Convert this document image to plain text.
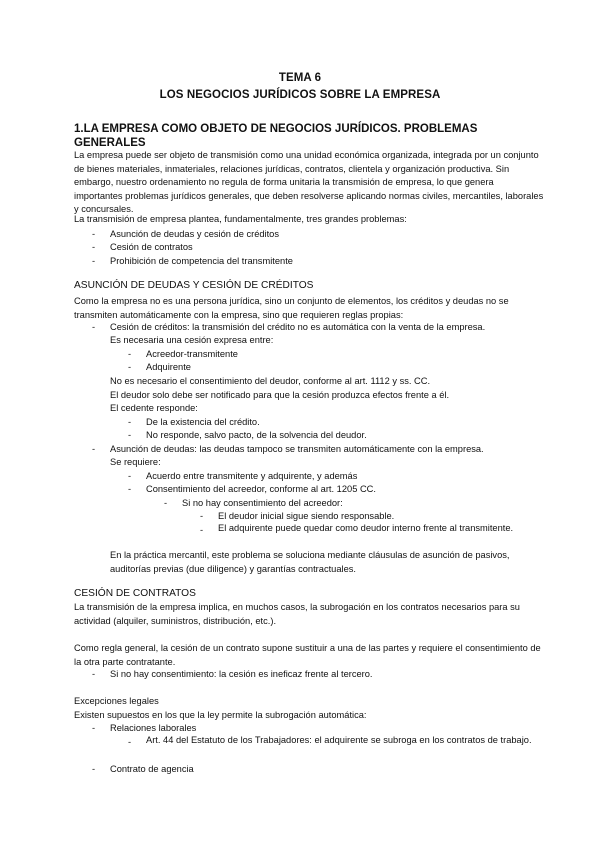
TEMA 6
LOS NEGOCIOS JURÍDICOS SOBRE LA EMPRESA
1.LA EMPRESA COMO OBJETO DE NEGOCIOS JURÍDICOS. PROBLEMAS GENERALES
La empresa puede ser objeto de transmisión como una unidad económica organizada, integrada por un conjunto de bienes materiales, inmateriales, relaciones jurídicas, contratos, clientela y organización productiva. Sin embargo, nuestro ordenamiento no regula de forma unitaria la transmisión de empresa, lo que genera importantes problemas jurídicos generales, que deben resolverse aplicando normas civiles, mercantiles, laborales y concursales.
La transmisión de empresa plantea, fundamentalmente, tres grandes problemas:
- Asunción de deudas y cesión de créditos
- Cesión de contratos
- Prohibición de competencia del transmitente
ASUNCIÓN DE DEUDAS Y CESIÓN DE CRÉDITOS
Como la empresa no es una persona jurídica, sino un conjunto de elementos, los créditos y deudas no se transmiten automáticamente con la empresa, sino que requieren reglas propias:
- Cesión de créditos: la transmisión del crédito no es automática con la venta de la empresa.
Es necesaria una cesión expresa entre:
- Acreedor-transmitente
- Adquirente
No es necesario el consentimiento del deudor, conforme al art. 1112 y ss. CC.
El deudor solo debe ser notificado para que la cesión produzca efectos frente a él.
El cedente responde:
- De la existencia del crédito.
- No responde, salvo pacto, de la solvencia del deudor.
- Asunción de deudas: las deudas tampoco se transmiten automáticamente con la empresa.
Se requiere:
- Acuerdo entre transmitente y adquirente, y además
- Consentimiento del acreedor, conforme al art. 1205 CC.
- Si no hay consentimiento del acreedor:
- El deudor inicial sigue siendo responsable.
- El adquirente puede quedar como deudor interno frente al transmitente.
En la práctica mercantil, este problema se soluciona mediante cláusulas de asunción de pasivos, auditorías previas (due diligence) y garantías contractuales.
CESIÓN DE CONTRATOS
La transmisión de la empresa implica, en muchos casos, la subrogación en los contratos necesarios para su actividad (alquiler, suministros, distribución, etc.).
Como regla general, la cesión de un contrato supone sustituir a una de las partes y requiere el consentimiento de la otra parte contratante.
- Si no hay consentimiento: la cesión es ineficaz frente al tercero.
Excepciones legales
Existen supuestos en los que la ley permite la subrogación automática:
- Relaciones laborales
- Art. 44 del Estatuto de los Trabajadores: el adquirente se subroga en los contratos de trabajo.
- Contrato de agencia
